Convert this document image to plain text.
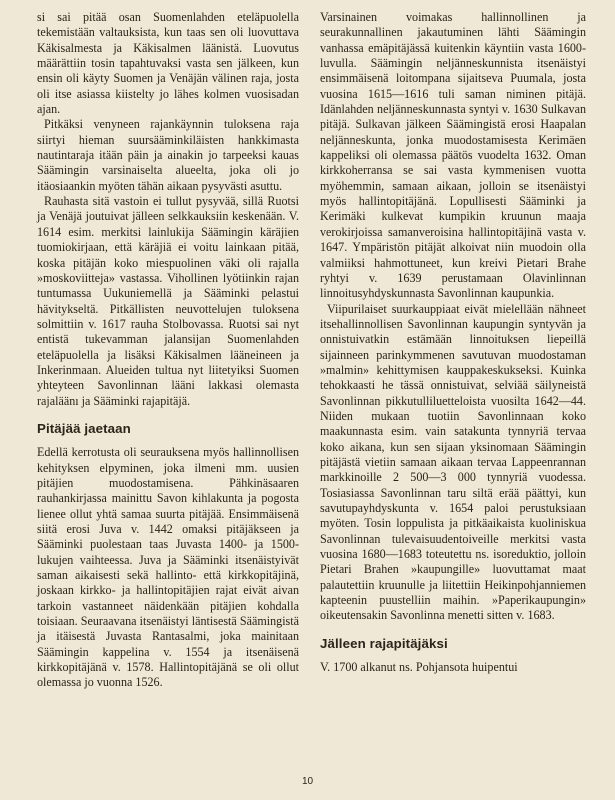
si sai pitää osan Suomenlahden eteläpuolella tekemistään valtauksista, kun taas sen oli luovuttava Käkisalmesta ja Käkisalmen läänistä. Luovutus määrättiin tosin tapahtuvaksi vasta sen jälkeen, kun ensin oli käyty Suomen ja Venäjän välinen raja, josta oli itse asiassa kiistelty jo lähes kolmen vuosisadan ajan.

Pitkäksi venyneen rajankäynnin tuloksena raja siirtyi hieman suursääminkiläisten hankkimasta nautintaraja itään päin ja ainakin jo tarpeeksi kauas Säämingin varsinaiselta alueelta, joka oli jo itäosiaankin myöten tähän aikaan pysyvästi asuttu.

Rauhasta sitä vastoin ei tullut pysyvää, sillä Ruotsi ja Venäjä joutuivat jälleen selkkauksiin keskenään. V. 1614 esim. merkitsi lainlukija Säämingin käräjien tuomiokirjaan, että käräjiä ei voitu lainkaan pitää, koska pitäjän koko miespuolinen väki oli rajalla »moskoviitteja» vastassa. Vihollinen lyötiinkin rajan tuntumassa Uukuniemellä ja Sääminki pelastui hävitykseltä. Pitkällisten neuvottelujen tuloksena solmittiin v. 1617 rauha Stolbovassa. Ruotsi sai nyt entistä tukevamman jalansijan Suomenlahden eteläpuolella ja lisäksi Käkisalmen lääneineen ja Inkerinmaan. Alueiden tultua nyt liitetyiksi Suomen yhteyteen Savonlinnan lääni lakkasi olemasta rajaläänı ja Sääminki rajapitäjä.

Pitäjää jaetaan

Edellä kerrotusta oli seurauksena myös hallinnollisen kehityksen elpyminen, joka ilmeni mm. uusien pitäjien muodostamisena. Pähkinäsaaren rauhankirjassa mainittu Savon kihlakunta ja pogosta lienee ollut yhtä samaa suurta pitäjää. Ensimmäisenä siitä erosi Juva v. 1442 omaksi pitäjäkseen ja Sääminki puolestaan taas Juvasta 1400- ja 1500-lukujen vaihteessa. Juva ja Sääminki itsenäistyivät saman aikaisesti sekä hallinto- että kirkkopitäjinä, joskaan kirkko- ja hallintopitäjien rajat eivät aivan tarkoin vastanneet näidenkään pitäjien kohdalla toisiaan. Seuraavana itsenäistyi läntisestä Säämingistä ja itäisestä Juvasta Rantasalmi, joka mainitaan Säämingin kappelina v. 1554 ja itsenäisenä kirkkopitäjänä v. 1578. Hallintopitäjänä se oli ollut olemassa jo vuonna 1526.

Varsinainen voimakas hallinnollinen ja seurakunnallinen jakautuminen lähti Säämingin vanhassa emäpitäjässä kuitenkin käyntiin vasta 1600-luvulla. Säämingin neljänneskunnista itsenäistyi ensimmäisenä loitompana sijaitseva Puumala, josta vuosina 1615—1616 tuli saman niminen pitäjä. Idänlahden neljänneskunnasta syntyi v. 1630 Sulkavan pitäjä. Sulkavan jälkeen Säämingistä erosi Haapalan neljänneskunta, jonka muodostamisesta Kerimäen kappeliksi oli olemassa päätös vuodelta 1632. Oman kirkkoherransa se sai vasta kymmenisen vuotta myöhemmin, samaan aikaan, jolloin se itsenäistyi myös hallintopitäjänä. Lopullisesti Sääminki ja Kerimäki kulkevat kumpikin kruunun maaja verokirjoissa samanveroisina hallintopitäjinä vasta v. 1647. Ympäristön pitäjät alkoivat niin muodoin olla valmiiksi hahmottuneet, kun kreivi Pietari Brahe ryhtyi v. 1639 perustamaan Olavinlinnan linnoitusyhdyskunnasta Savonlinnan kaupunkia.

Viipurilaiset suurkauppiaat eivät mielellään nähneet itsehallinnollisen Savonlinnan kaupungin syntyvän ja onnistuivatkin estämään linnoituksen liepeillä sijainneen parinkymmenen savutuvan muodostaman »malmin» kehittymisen kauppakeskukseksi. Kuinka tehokkaasti he tässä onnistuivat, selviää säilyneistä Savonlinnan pikkutulliluetteloista vuosilta 1642—44. Niiden mukaan tuotiin Savonlinnaan koko maakunnasta esim. vain satakunta tynnyriä tervaa koko aikana, kun sen sijaan yksinomaan Säämingin pitäjästä vietiin samaan aikaan tervaa Lappeenrannan markkinoille 2 500—3 000 tynnyriä vuodessa. Tosiasiassa Savonlinnan taru siltä erää päättyi, kun savutupayhdyskunta v. 1654 paloi perustuksiaan myöten. Tosin loppulista ja pitkäaikaista kuoliniskua Savonlinnan tulevaisuudentoiveille merkitsi vasta vuosina 1680—1683 toteutettu ns. isoreduktio, jolloin Pietari Brahen »kaupungille» luovuttamat maat palautettiin kruunulle ja liitettiin Heikinpohjanniemen kapteenin puustelliin maihin. »Paperikaupungin» oikeutensakin Savonlinna menetti sitten v. 1683.

Jälleen rajapitäjäksi

V. 1700 alkanut ns. Pohjansota huipentui

10
